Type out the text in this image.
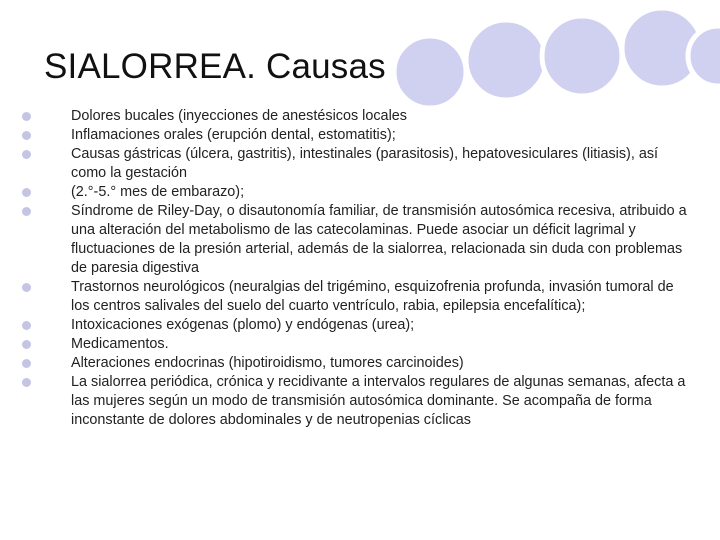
SIALORREA. Causas
Dolores bucales (inyecciones de anestésicos locales
Inflamaciones orales (erupción dental, estomatitis);
Causas gástricas (úlcera, gastritis), intestinales (parasitosis), hepatovesiculares (litiasis), así como la gestación
(2.°-5.° mes de embarazo);
Síndrome de Riley-Day, o disautonomía familiar, de transmisión autosómica recesiva, atribuido a una alteración del metabolismo de las catecolaminas. Puede asociar un déficit lagrimal y fluctuaciones de la presión arterial, además de la sialorrea, relacionada sin duda con problemas de paresia digestiva
Trastornos neurológicos (neuralgias del trigémino, esquizofrenia profunda, invasión tumoral de los centros salivales del suelo del cuarto ventrículo, rabia, epilepsia encefalítica);
Intoxicaciones exógenas (plomo) y endógenas (urea);
Medicamentos.
Alteraciones endocrinas (hipotiroidismo, tumores carcinoides)
La sialorrea periódica, crónica y recidivante a intervalos regulares de algunas semanas, afecta a las mujeres según un modo de transmisión autosómica dominante. Se acompaña de forma inconstante de dolores abdominales y de neutropenias cíclicas
